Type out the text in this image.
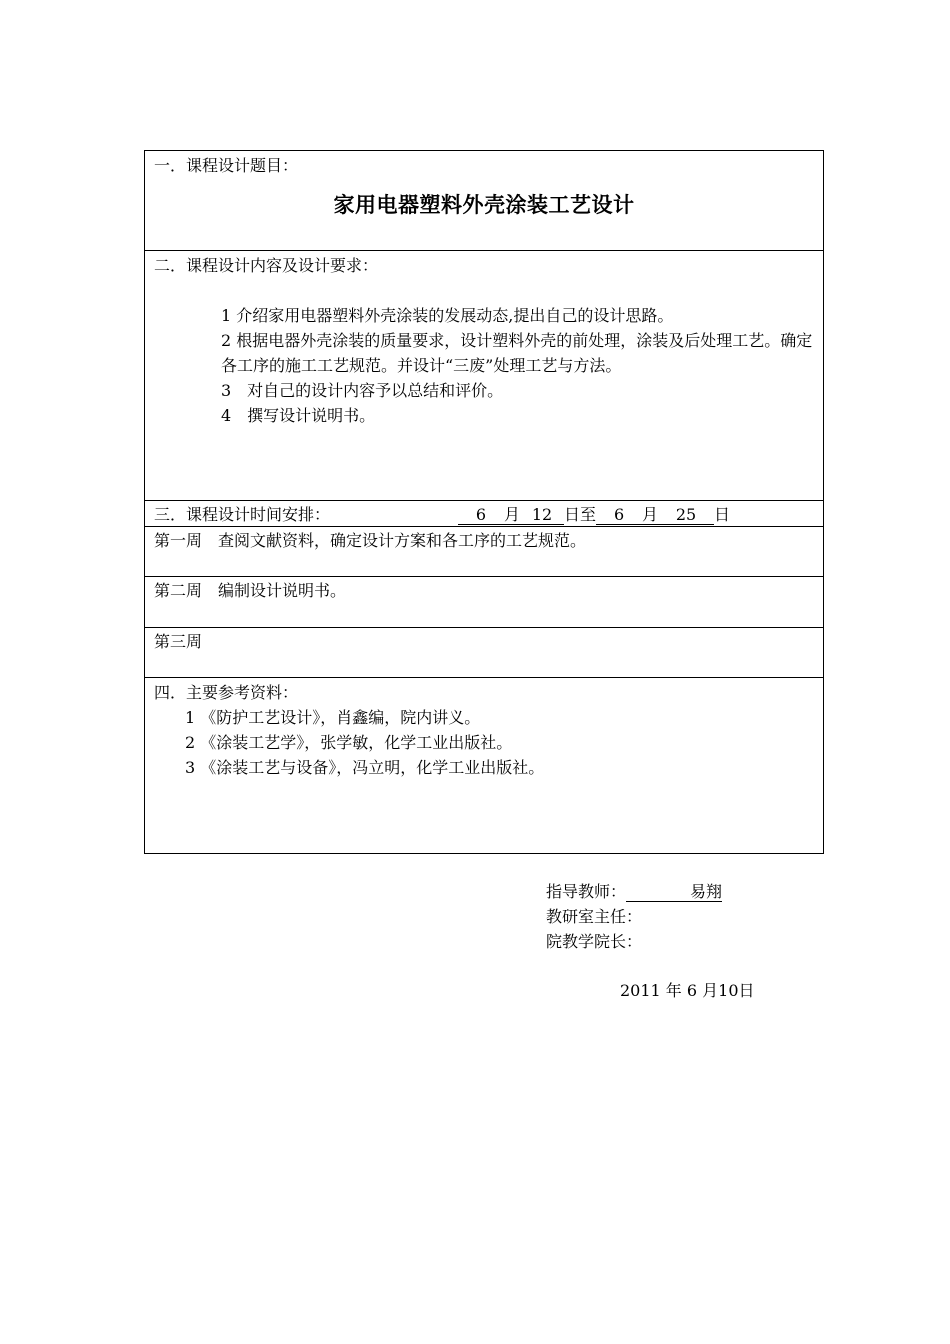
一．课程设计题目：
家用电器塑料外壳涂装工艺设计
二．课程设计内容及设计要求：

1 介绍家用电器塑料外壳涂装的发展动态,提出自己的设计思路。

2 根据电器外壳涂装的质量要求，设计塑料外壳的前处理，涂装及后处理工艺。确定各工序的施工工艺规范。并设计“三废”处理工艺与方法。

3　对自己的设计内容予以总结和评价。

4　撰写设计说明书。

三．课程设计时间安排：	6 月 12 日至 6 月 25 日
第一周　查阅文献资料，确定设计方案和各工序的工艺规范。
第二周　编制设计说明书。
第三周
四．主要参考资料：
1 《防护工艺设计》，肖鑫编，院内讲义。
2 《涂装工艺学》，张学敏，化学工业出版社。
3 《涂装工艺与设备》，冯立明，化学工业出版社。
指导教师：	易翔
教研室主任：
院教学院长：
2011 年 6 月10日
